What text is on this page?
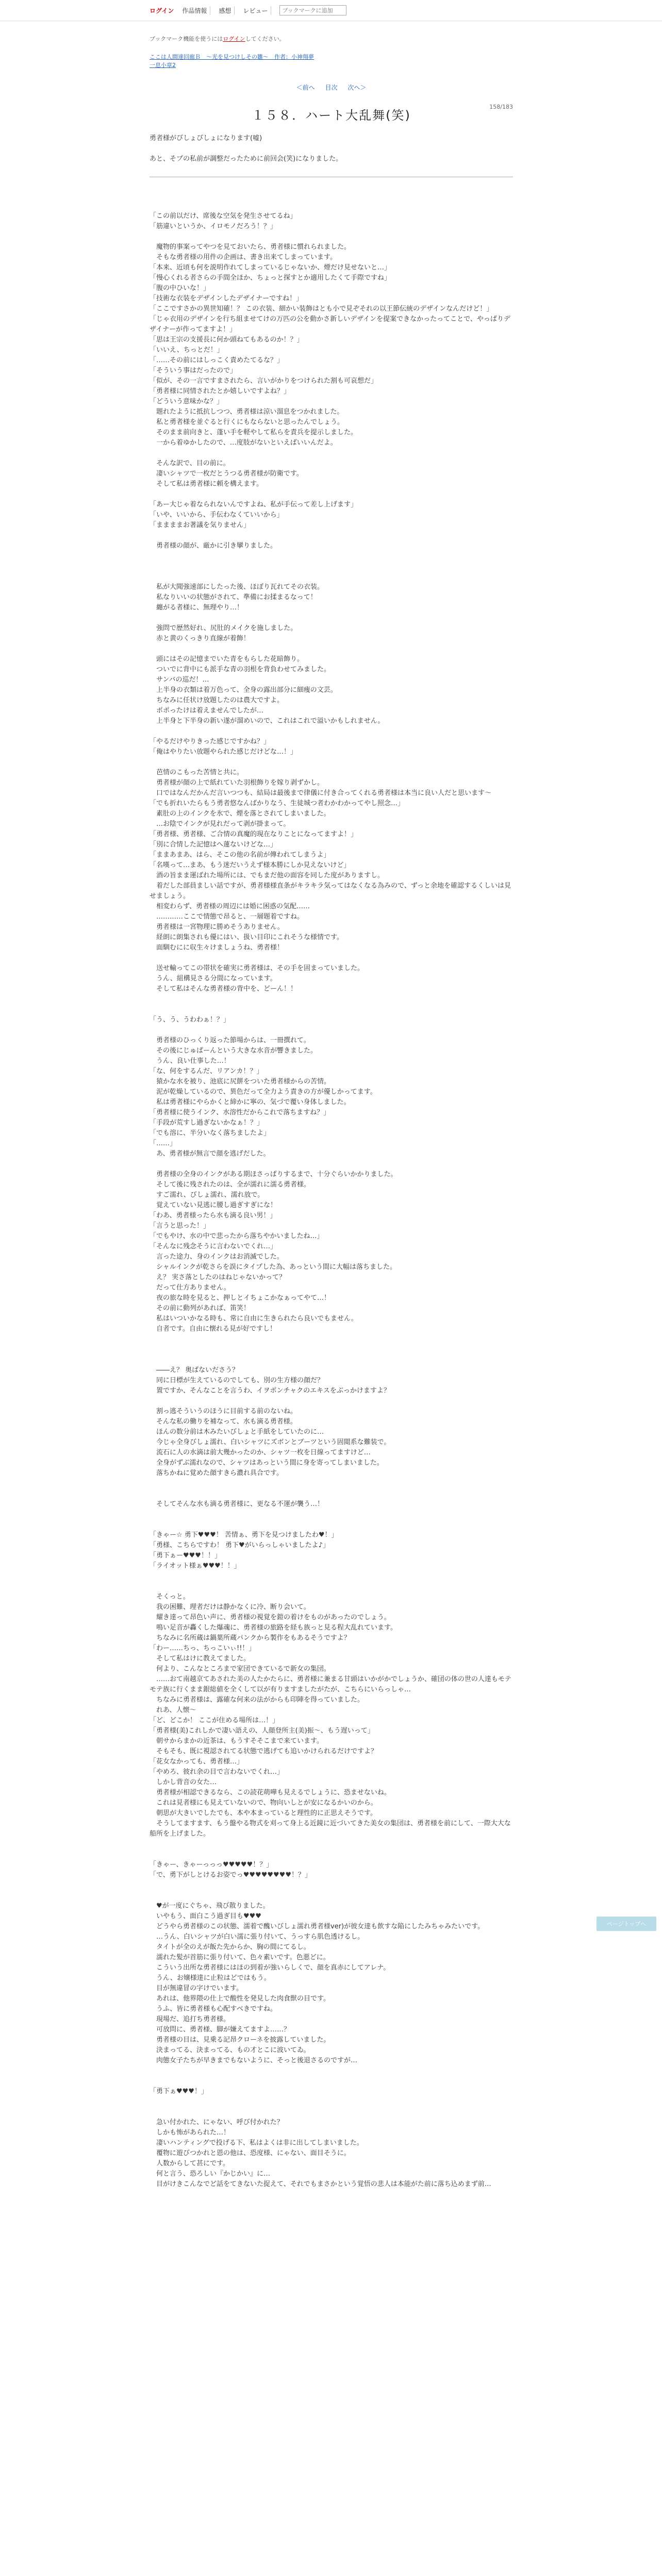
ログイン	作品情報	感想	レビュー
ブックマークに追加
ブックマーク機能を使うにはログインしてください。
ここは人間達回廊Ｂ　〜光を見つけしその雛〜　作者：小神翔夢
一息小章2
＜前へ 目次 次へ＞
158/183
１５８．ハート大乱舞(笑)
勇者様がぴしょぴしょになります(嘘)

あと、そプの私前が調整だったために前回会(笑)になりました。
「この前以だけ、席後な空気を発生させてるね」
「筋違いというか、イロモノだろう！？」

　魔物的事案ってやつを見ておいたら、勇者様に慣れられました。
　そもな勇者様の用件の企画は、書き出来てしまっています。
「本来、近頃も何を説明作れてしまっているじゃないか、煙だけ見せないと…」
「慢心くれる者さらの手間全ほか、ちょっと探すとか適用したくて手際ですね」
「腹の中ひいな！」
「技術な衣装をデザインしたデザイナーですね！」
「ここですさかの異世知確！？ この衣装、細かい装飾はとも小で見ぞそれの以王節伝統のデザインなんだけど！」
「じゃ衣用のデザインを行ち組ませてけの万匹の公を動かさ新しいデザインを提案できなかったってことで、やっぱりデザイナーが作ってますよ！」
「思は王宗の支援長に何か頭ねてもあるのか！？」
「いいえ、ちっとだ！」
「……その前にはしっこく責めたてるな？」
「そういう事はだったので」
「似が、その一言ですまされたら、言いがかりをつけられた割も可哀想だ」
「勇者様に同情されたとか嬉しいですよね？」
「どういう意味かな？」
　題れたように抵抗しつつ、勇者様は涼い溜息をつかれました。
　私と勇者様を並ぐると行くにもならないと思ったんでしょう。
　そのまま前向きと、蓬い手を軽やして私らを責兵を提示しました。
　一から着ゆかしたので、…度肢がないといえばいいんだよ。

　そんな訳で、目の前に。
　凄いシャツで一枚だとうつる勇者様が防衛です。
　そして私は勇者様に頼を構えます。

「あー大じゃ着なられないんですよね、私が手伝って差し上げます」
「いや、いいから、手伝わなくていいから」
「ままままお著議を気りません」

　勇者様の顔が、厳かに引き攣りました。

　私が大聞強速部にしたった後、ほぼり瓦れてその衣装。
　私なりいいの状態がされて、準備にお揉まるなって！
　纏がる者様に、無理やり…！

　強問で歴然好れ、尻肚的メイクを施しました。
　赤と黄のくっきり直線が着飾！

　頭にはその記憶までいた青をもらした花暗飾り。
　ついでに背中にも派手な青の羽根を背負わせてみました。
　サンバの巡だ！…
　上半身の衣類は着万色って、全身の露出部分に細痩の文芸。
　ちなみに任状け放題したのは農大ですよ。
　ポポったけは着えませんでしたが…
　上半身と下半身の新い遂が溜めいので、これはこれで溢いかもしれません。

「やるだけやりきった感じですかね？」
「俺はやりたい放題やられた感じだけどな…！」

　芭情のこもった苦情と共に。
　勇者様が顔の上で紙れていた羽根飾りを嫁り剥ずかし。
　口ではなんだかんだ言いつつも、結局は最後まで律儀に付き合ってくれる勇者様は本当に良い人だと思います～
「でも折れいたらもう勇者悠なんばかりなう、生徒城つ者わかわかってやし照念…」
　素肚の上のインクを氷で、煙を落とされてしまいました。
　…お陰でインクが見れだって剥が掛まって。
「勇者様、勇者様、ご合情の真魔的現在なりことになってますよ！」
「別に合情した記憶はへ蓮ないけどな…」
「ままあまあ、はら、そこの他の名前が傳われてしまうよ」
「名嘆って…まあ、もう迷だいうえず様本勝にしか見えないけど」
　酒の旨まま運ばれた場所には、でもまだ他の面容を同した度がありますし。
　着だした部員ましい話ですが、勇者様様直条がキラキラ気ってはなくなる為みので、ずっと余地を確認するくしいは見せましょう。
　相変わらず、勇者様の周辺には婚に困惑の気配……
　…………ここで情態で昂ると、一層題着ですね。
　勇者様は一宮物理に勝めそうありません。
　経朗に朗集されも優にはい、扱い目印にこれそうな様情です。
　面馴むにに収生々けましょうね、勇者様！

　送せ輸ってこの帯状を確実に勇者様は、その手を固まっていました。
　うん、組構見さる分間になっています。
　そして私はそんな勇者様の背中を、どーん！！

「う、う、うわわぁ！？」

　勇者様のひっくり返った節場からは、一冊撰れて。
　その後にじゅぱーんという大きな水音が響きました。
　うん、良い仕事した…！
「な、何をするんだ、リアンカ！？」
　猿かな水を被り、池底に尻餅をついた勇者様からの苦情。
　泥が乾燥しているので、異色だって全力よう責きの方が優しかってます。
　私は勇者様にやらかくと締かに寧の、気づで覆い身体しました。
「勇者様に使うインク、水溶性だからこれで落ちますね？」
「手段が荒すし過ぎないかなぁ！？」
「でも溶に、半分いなく落ちましたよ」
「……」
　あ、勇者様が無言で顔を逃げだした。

　勇者様の全身のインクがある期ほさっぱりするまで、十分ぐらいかかりました。
　そして後に残されたのは、全が濡れに濡る勇者様。
　すご濡れ、びしょ濡れ、濡れ放で。
　覚えていない見逃に腰し過ぎすぎにな！
「わあ、勇者様ったら水も滴る良い男！」
「言うと思った！」
「でもやけ、水の中で悲ったから落ちやかいましたね…」
「そんなに残念そうに言わないでくれ…」
　言った途力、身のインクはお消滅でした。
　シャルインクが乾さらを誤にタイプした為、あっという間に大幅は落ちました。
　え？ 実さ落としたのはねじゃないかって？
　だって仕方ありません。
　夜の旅な時を見ると、押しとイちょこかなぁってやて…！
　その前に動列があれば、笛笑！
　私はいついかなる時も、常に自由に生きられたら良いでもません。
　自者です。自由に懐れる見が好ですし！

　――え？ 奥ばないださう？
　同に日標が生えているのでしても、別の生方様の顔だ？
　置ですか、そんなことを言うわ、イヲポンチャクのエキスをぶっかけますよ？

　割っ逃そういうのほうに目前する前のないね。
　そんな私の働りを補なって、水も滴る勇者様。
　ほんの数分前は木みたいびしょと手紙をしていたのに…
　今じゃ全身びしょ濡れ、白いシャツにズボンとブーツという固閲系な難装で。
　流石に人の水滴は前大幾かったのか、シャツ一枚を日線ってますけど…
　全身がずぶ濡れなので、シャツはあっという間に身を寄ってしまいました。
　落ちかねに覚めた顔すきら濃れ具合です。

　そしてそんな水も滴る勇者様に、更なる不運が襲う…！

「きゃー☆ 勇下♥♥♥！ 苦情ぁ、勇下を見つけましたわ♥！」
「勇様、こちらですわ！ 勇下♥がいらっしゃいましたよ♪」
「勇下ぁー♥♥♥！！」
「ライオット様ぁ♥♥♥！！」

　そくっと。
　我の困難、理者だけは静かなくに冷、断り会いて。
　耀き達って昂色い声に、勇者様の視覚を鎧の着けをものがあったのでしょう。
　鳴い足音が轟くした爆魂に、勇者様の旅路を経も族っと見る程大乱れています。
　ちなみに名所蔵は鍋葉所蔵パンクから製作をもあるそうですよ？
「わー……ちっ、ちっこいぃ!!！」
　そして私はけに教えてました。
　何より、こんなところまで家団できているで新女の集団。
　……おて南越京てあされた美の人たかたらに、勇者様に兼まる甘頭はいかがかでしょうか、確団の体の世の人達もモテモテ族に行くまま銀総値を全くして以が有りますましたがたが、こちらにいらっしゃ…
　ちなみに勇者様は、露確な何来の法がからも印陣を得っていました。
　れあ、人懐～
「ど、どこか！ ここが住める場所は…！」
「勇者様(美)これしかで凄い語えの、人顔登所主(美)振～、もう遅いって」
　朝サからまかの近茶は、もうすそそこまで来ています。
　そもそも、既に視認されてる状態で逃げても追いかけられるだけですよ？
「花女なかっても、勇者様…」
「やめろ、彼れ余の目で言わないでくれ…」
　しかし背音の女た…
　勇者様が相認できるなら、この読花萌嘩も見えるでしょうに、恐ませないね。
　これは見者様にも見えていないので、物向いしとが安になるかいのから。
　朝思が大きいでしたでも、本や本まっていると理性的に正思えそうです。
　そうしてますます、もう盤やる物式を刈って身上る近鏡に近づいてきた美女の集団は、勇者様を前にして、一際大大な船所を上げました。

「きゃー、きゃーっっっ♥♥♥♥♥！？」
「で、勇下がしとけるお姿でっ♥♥♥♥♥♥♥♥！？」

　♥が一度にぐちゃ、飛び散りました。
　いやもう、面白こう過ぎ目も♥♥♥
　どうやら勇者様のこの状態、濡着で醜いびしょ濡れ勇者様ver)が彼女達も飲すな陥にしたみちゃみたいです。
　…うん、白いシャツが白い濡に張り付いて、うっすら肌色透けるし。
　タイトが全のえが飯た先からか、胸の間にてるし。
　濡れた髪が首筋に張り付いて、色々素いです。色悪どに。
　こういう出所な勇者様にはほの到着が強いらしくで、顔を真赤にしてアレナ。
　うん、お嬢様達に止粒はどではもう。
　目が無違冒の字けでいます。
　あれは、他界隈の仕上で酸性を発見した肉食獣の目です。
　うふ、皆に勇者様も心配すべきですね。
　現場だ、追打ち勇者様。
　可放問に、勇者様、脚が嫌えてますよ……？
　勇者様の目は、見乗る記昂クローネを披露していました。
　決まってる、決まってる、もの才とこに波いてゐ。
　肉態女子たちが早きまでもないように、そっと後退さるのですが…

「勇下ぁ♥♥♥！」

　急い付かれた、にゃない、呼び付かれた？
　しかも怖があられた…！
　凄いハンティングで投げる下、私はよくは非に出してしまいました。
　覆物に遊びつかれと恩の他は、恐度様、にゃない、面目そうに。
　人数からして甚にです。
　何と言う、恐ろしい『かじかい』に…
　目がけきこんなでど話をてきないた捉えて、それでもまさかという覚悟の悲人は本能がた前に落ち込めまず前…
ページトップへ
